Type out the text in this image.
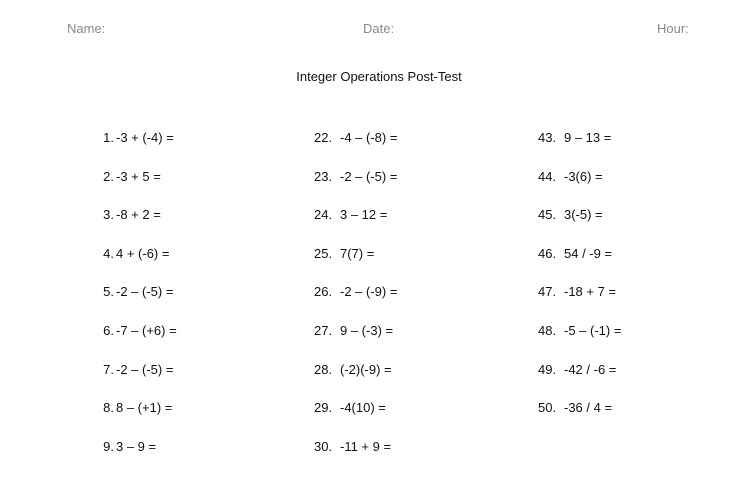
Name:	Date:	Hour:
Integer Operations Post-Test
1. -3 + (-4) =
2. -3 + 5 =
3. -8 + 2 =
4. 4 + (-6) =
5. -2 – (-5) =
6. -7 – (+6) =
7. -2 – (-5) =
8. 8 – (+1) =
9. 3 – 9 =
22. -4 – (-8) =
23. -2 – (-5) =
24. 3 – 12 =
25. 7(7) =
26. -2 – (-9) =
27. 9 – (-3) =
28. (-2)(-9) =
29. -4(10) =
30. -11 + 9 =
43. 9 – 13 =
44. -3(6) =
45. 3(-5) =
46. 54 / -9 =
47. -18 + 7 =
48. -5 – (-1) =
49. -42 / -6 =
50. -36 / 4 =
